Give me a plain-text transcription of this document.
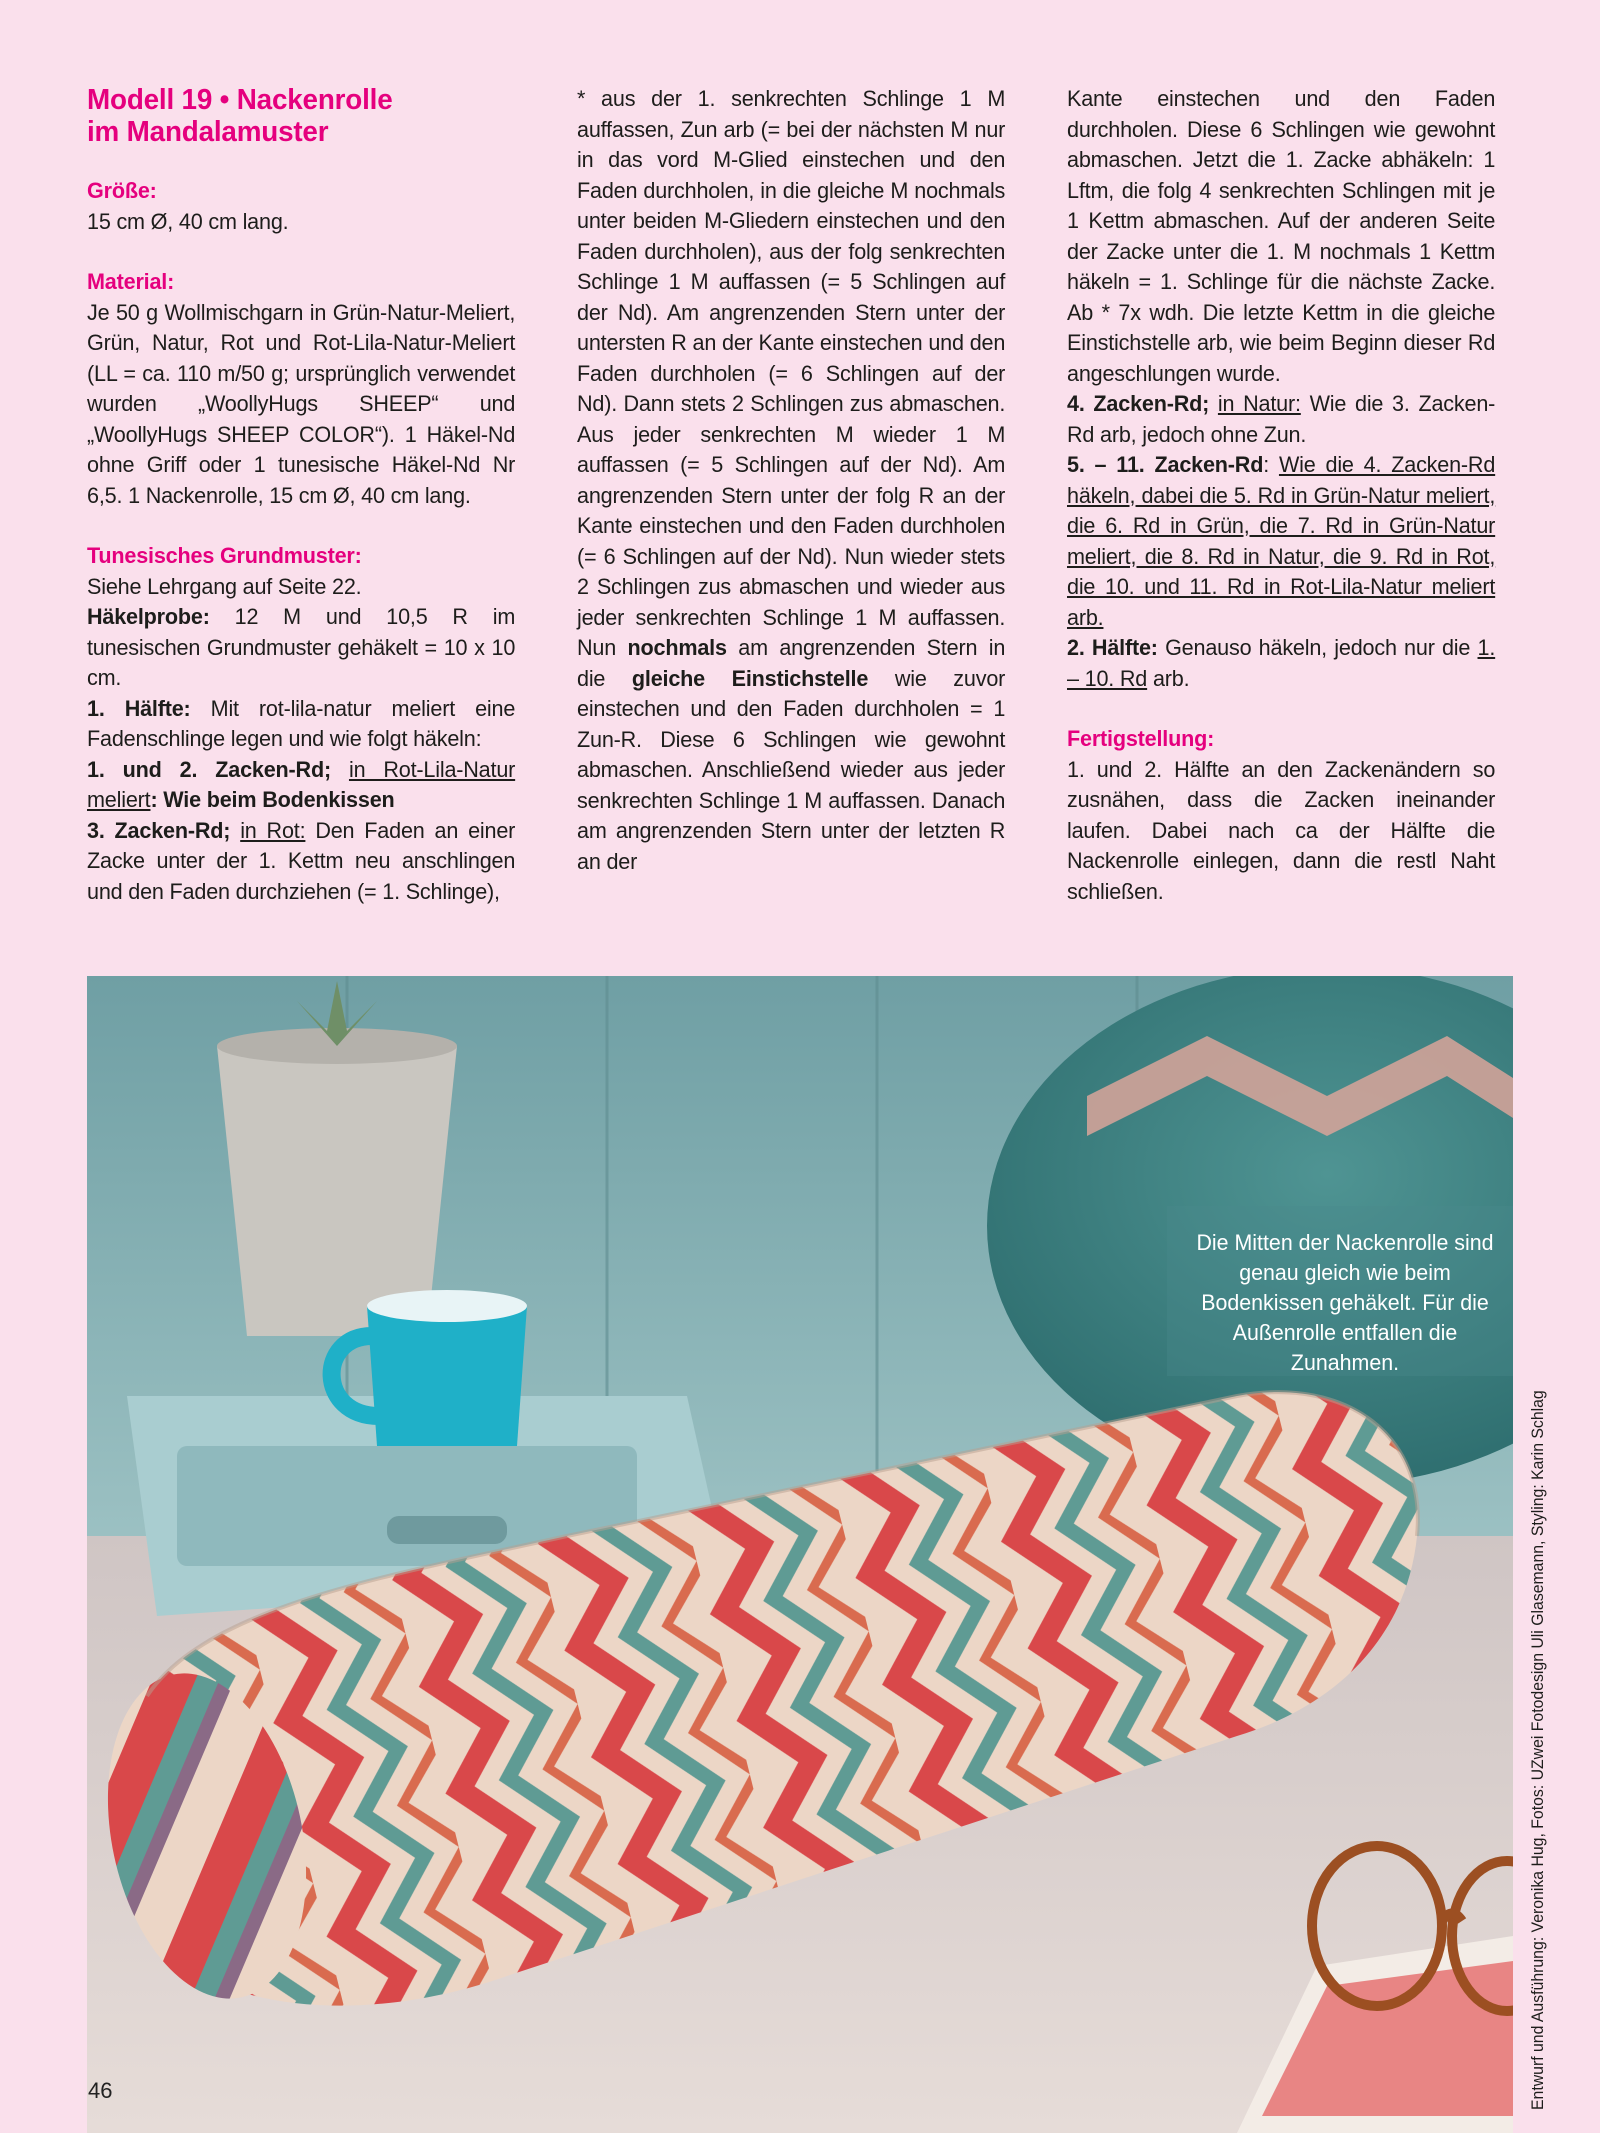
Modell 19 • Nackenrolle
im Mandalamuster
Größe:

15 cm Ø, 40 cm lang.

Material:

Je 50 g Wollmischgarn in Grün-Natur-Meliert, Grün, Natur, Rot und Rot-Lila-Natur-Meliert (LL = ca. 110 m/50 g; ursprünglich verwendet wurden „WoollyHugs SHEEP“ und „WoollyHugs SHEEP COLOR“). 1 Häkel-Nd ohne Griff oder 1 tunesische Häkel-Nd Nr 6,5. 1 Nackenrolle, 15 cm Ø, 40 cm lang.

Tunesisches Grundmuster:

Siehe Lehrgang auf Seite 22.

Häkelprobe: 12 M und 10,5 R im tunesischen Grundmuster gehäkelt = 10 x 10 cm.

1. Hälfte: Mit rot-lila-natur meliert eine Fadenschlinge legen und wie folgt häkeln:

1. und 2. Zacken-Rd; in Rot-Lila-Natur meliert: Wie beim Bodenkissen

3. Zacken-Rd; in Rot: Den Faden an einer Zacke unter der 1. Kettm neu anschlingen und den Faden durchziehen (= 1. Schlinge),

* aus der 1. senkrechten Schlinge 1 M auffassen, Zun arb (= bei der nächsten M nur in das vord M-Glied einstechen und den Faden durchholen, in die gleiche M nochmals unter beiden M-Gliedern einstechen und den Faden durchholen), aus der folg senkrechten Schlinge 1 M auffassen (= 5 Schlingen auf der Nd). Am angrenzenden Stern unter der untersten R an der Kante einstechen und den Faden durchholen (= 6 Schlingen auf der Nd). Dann stets 2 Schlingen zus abmaschen. Aus jeder senkrechten M wieder 1 M auffassen (= 5 Schlingen auf der Nd). Am angrenzenden Stern unter der folg R an der Kante einstechen und den Faden durchholen (= 6 Schlingen auf der Nd). Nun wieder stets 2 Schlingen zus abmaschen und wieder aus jeder senkrechten Schlinge 1 M auffassen. Nun nochmals am angrenzenden Stern in die gleiche Einstichstelle wie zuvor einstechen und den Faden durchholen = 1 Zun-R. Diese 6 Schlingen wie gewohnt abmaschen. Anschließend wieder aus jeder senkrechten Schlinge 1 M auffassen. Danach am angrenzenden Stern unter der letzten R an der

Kante einstechen und den Faden durchholen. Diese 6 Schlingen wie gewohnt abmaschen. Jetzt die 1. Zacke abhäkeln: 1 Lftm, die folg 4 senkrechten Schlingen mit je 1 Kettm abmaschen. Auf der anderen Seite der Zacke unter die 1. M nochmals 1 Kettm häkeln = 1. Schlinge für die nächste Zacke. Ab * 7x wdh. Die letzte Kettm in die gleiche Einstichstelle arb, wie beim Beginn dieser Rd angeschlungen wurde.

4. Zacken-Rd; in Natur: Wie die 3. Zacken-Rd arb, jedoch ohne Zun.

5. – 11. Zacken-Rd: Wie die 4. Zacken-Rd häkeln, dabei die 5. Rd in Grün-Natur meliert, die 6. Rd in Grün, die 7. Rd in Grün-Natur meliert, die 8. Rd in Natur, die 9. Rd in Rot, die 10. und 11. Rd in Rot-Lila-Natur meliert arb.

2. Hälfte: Genauso häkeln, jedoch nur die 1. – 10. Rd arb.

Fertigstellung:

1. und 2. Hälfte an den Zackenändern so zusnähen, dass die Zacken ineinander laufen. Dabei nach ca der Hälfte die Nackenrolle einlegen, dann die restl Naht schließen.

Die Mitten der Nackenrolle sind genau gleich wie beim Bodenkissen gehäkelt. Für die Außenrolle entfallen die Zunahmen.
Entwurf und Ausführung: Veronika Hug, Fotos: UZwei Fotodesign Uli Glasemann, Styling: Karin Schlag
46
